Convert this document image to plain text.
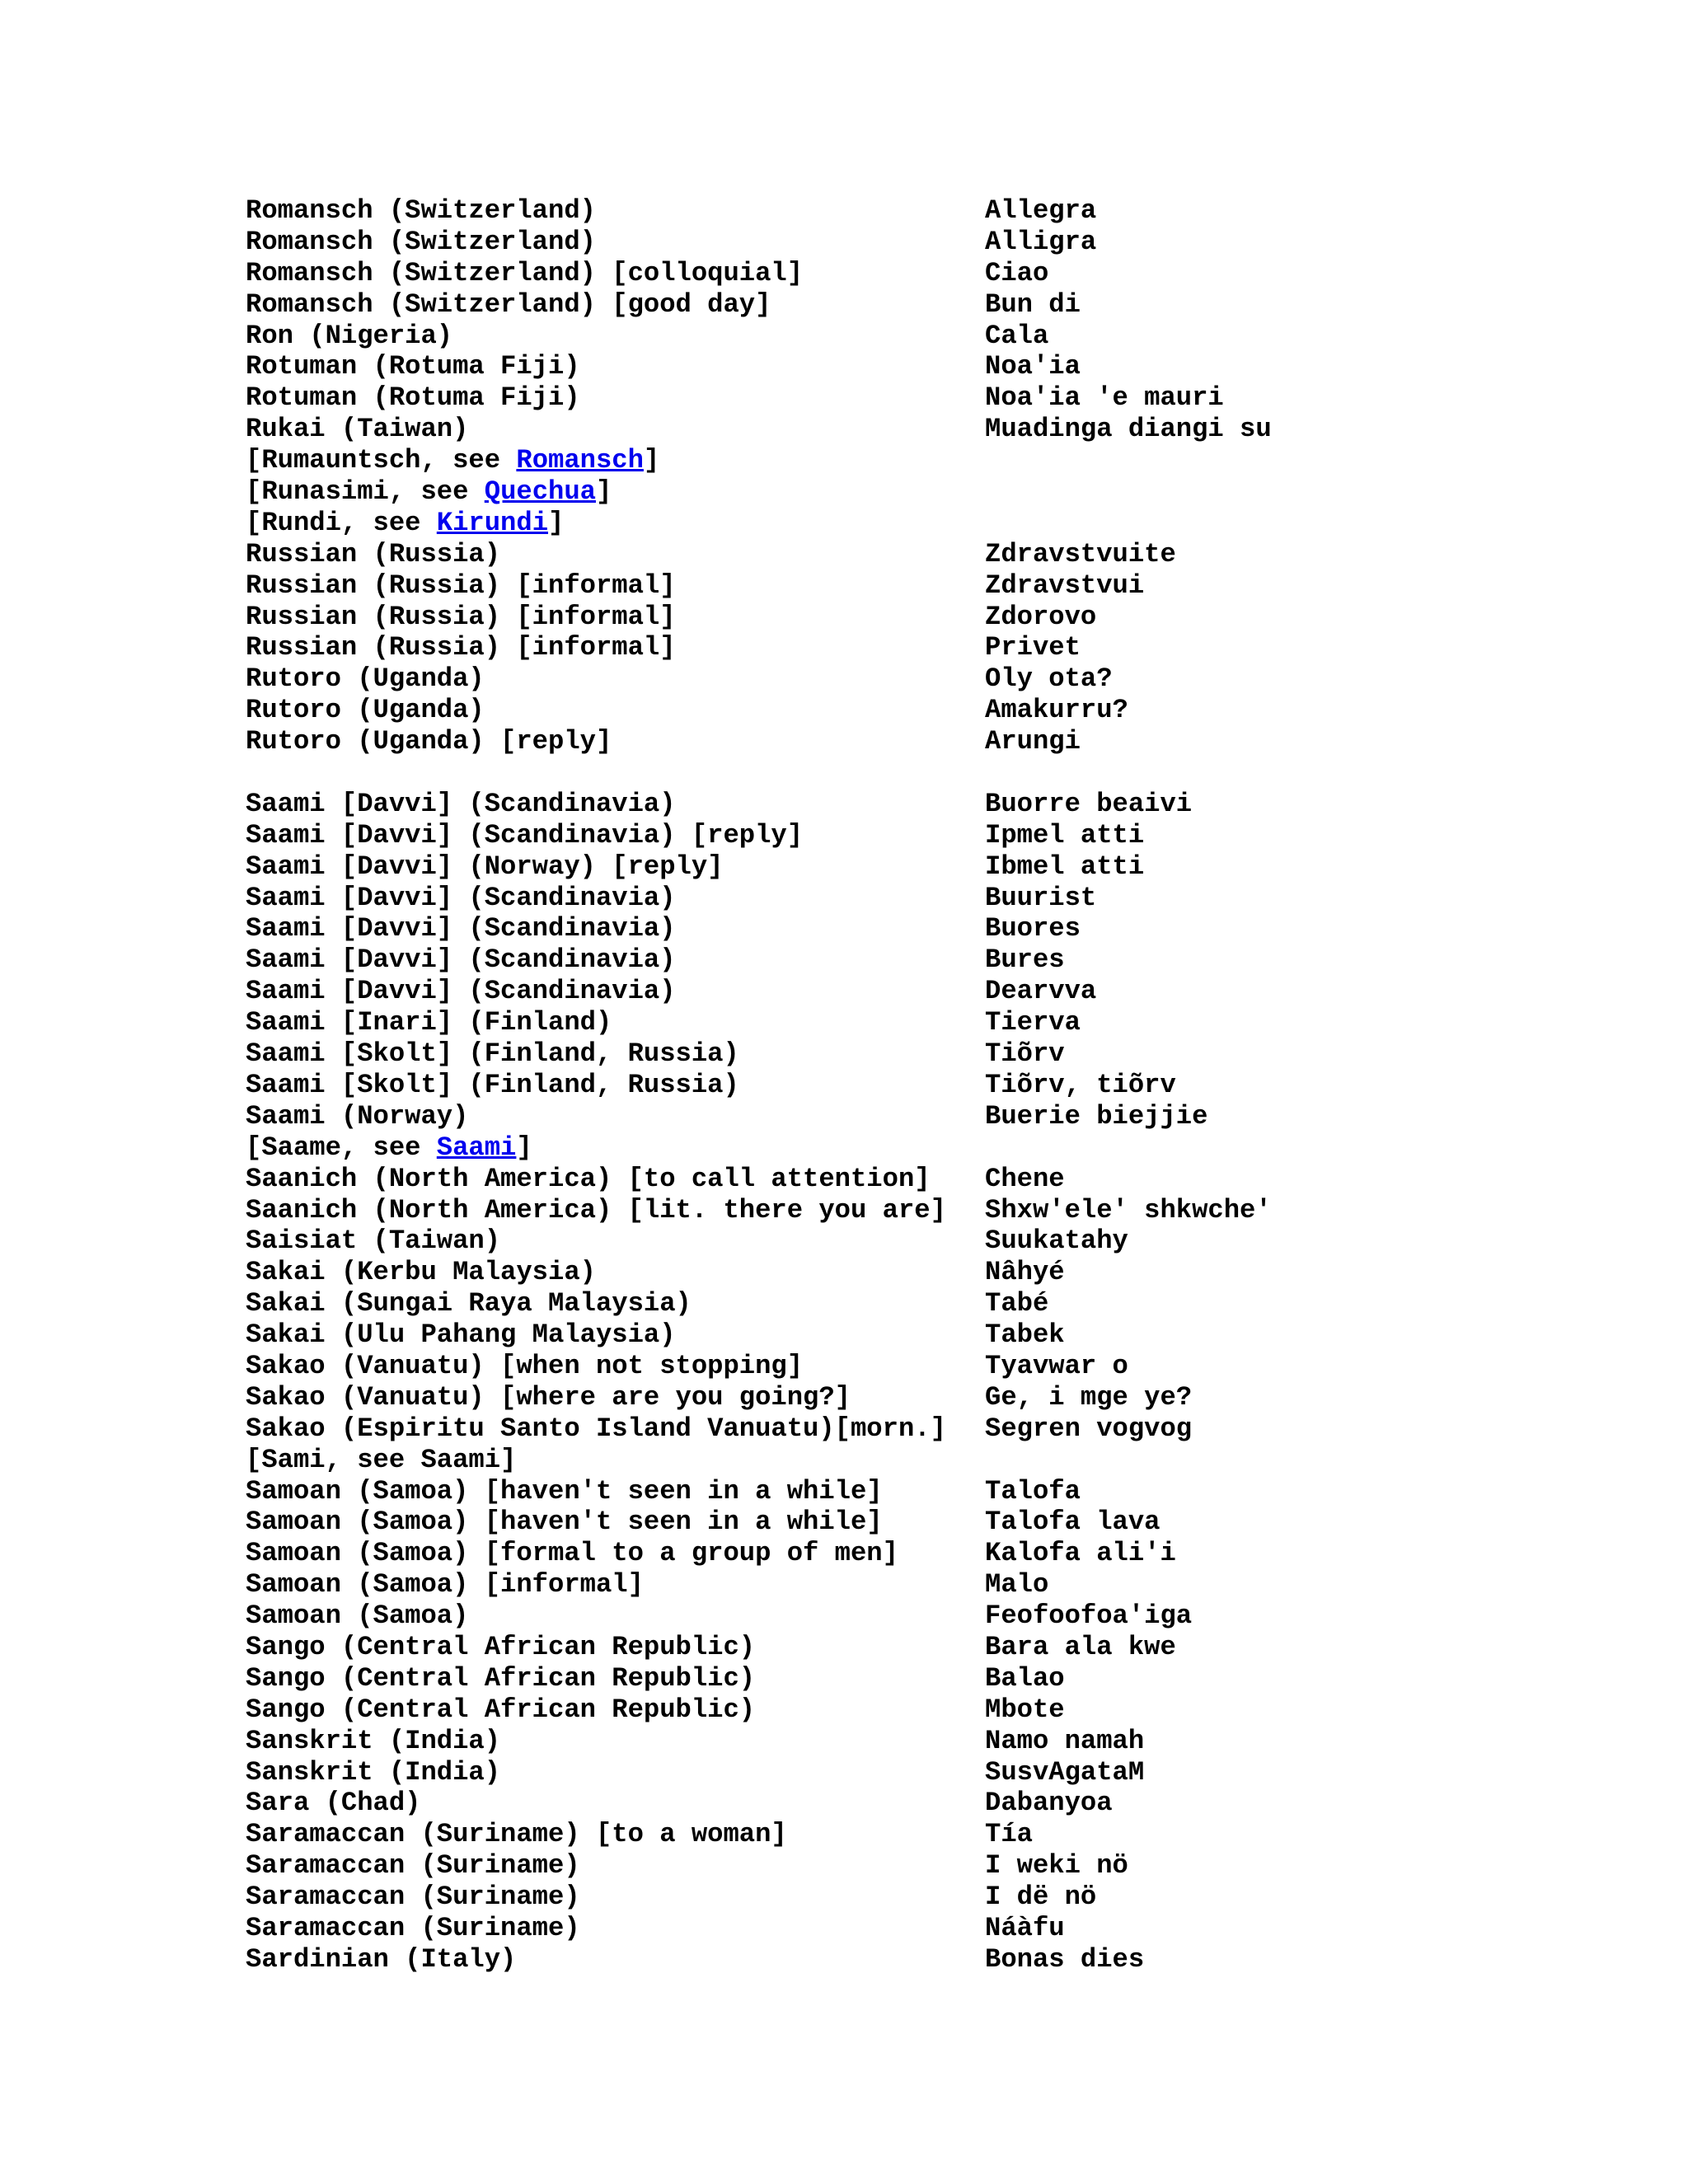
Romansch (Switzerland)	Allegra
Romansch (Switzerland)	Alligra
Romansch (Switzerland) [colloquial]	Ciao
Romansch (Switzerland) [good day]	Bun di
Ron (Nigeria)	Cala
Rotuman (Rotuma Fiji)	Noa'ia
Rotuman (Rotuma Fiji)	Noa'ia 'e mauri
Rukai (Taiwan)	Muadinga diangi su
[Rumauntsch, see Romansch]
[Runasimi, see Quechua]
[Rundi, see Kirundi]
Russian (Russia)	Zdravstvuite
Russian (Russia) [informal]	Zdravstvui
Russian (Russia) [informal]	Zdorovo
Russian (Russia) [informal]	Privet
Rutoro (Uganda)	Oly ota?
Rutoro (Uganda)	Amakurru?
Rutoro (Uganda) [reply]	Arungi
Saami [Davvi] (Scandinavia)	Buorre beaivi
Saami [Davvi] (Scandinavia) [reply]	Ipmel atti
Saami [Davvi] (Norway) [reply]	Ibmel atti
Saami [Davvi] (Scandinavia)	Buurist
Saami [Davvi] (Scandinavia)	Buores
Saami [Davvi] (Scandinavia)	Bures
Saami [Davvi] (Scandinavia)	Dearvva
Saami [Inari] (Finland)	Tierva
Saami [Skolt] (Finland, Russia)	Tiõrv
Saami [Skolt] (Finland, Russia)	Tiõrv, tiõrv
Saami (Norway)	Buerie biejjie
[Saame, see Saami]
Saanich (North America) [to call attention] Chene
Saanich (North America) [lit. there you are] Shxw'ele' shkwche'
Saisiat (Taiwan)	Suukatahy
Sakai (Kerbu Malaysia)	Nâhyé
Sakai (Sungai Raya Malaysia)	Tabé
Sakai (Ulu Pahang Malaysia)	Tabek
Sakao (Vanuatu) [when not stopping]	Tyavwar o
Sakao (Vanuatu) [where are you going?]	Ge, i mge ye?
Sakao (Espiritu Santo Island Vanuatu)[morn.] Segren vogvog
[Sami, see Saami]
Samoan (Samoa) [haven't seen in a while]	Talofa
Samoan (Samoa) [haven't seen in a while]	Talofa lava
Samoan (Samoa) [formal to a group of men]	Kalofa ali'i
Samoan (Samoa) [informal]	Malo
Samoan (Samoa)	Feofoofoa'iga
Sango (Central African Republic)	Bara ala kwe
Sango (Central African Republic)	Balao
Sango (Central African Republic)	Mbote
Sanskrit (India)	Namo namah
Sanskrit (India)	SusvAgataM
Sara (Chad)	Dabanyoa
Saramaccan (Suriname) [to a woman]	Tía
Saramaccan (Suriname)	I weki nö
Saramaccan (Suriname)	I dë nö
Saramaccan (Suriname)	Náàfu
Sardinian (Italy)	Bonas dies
